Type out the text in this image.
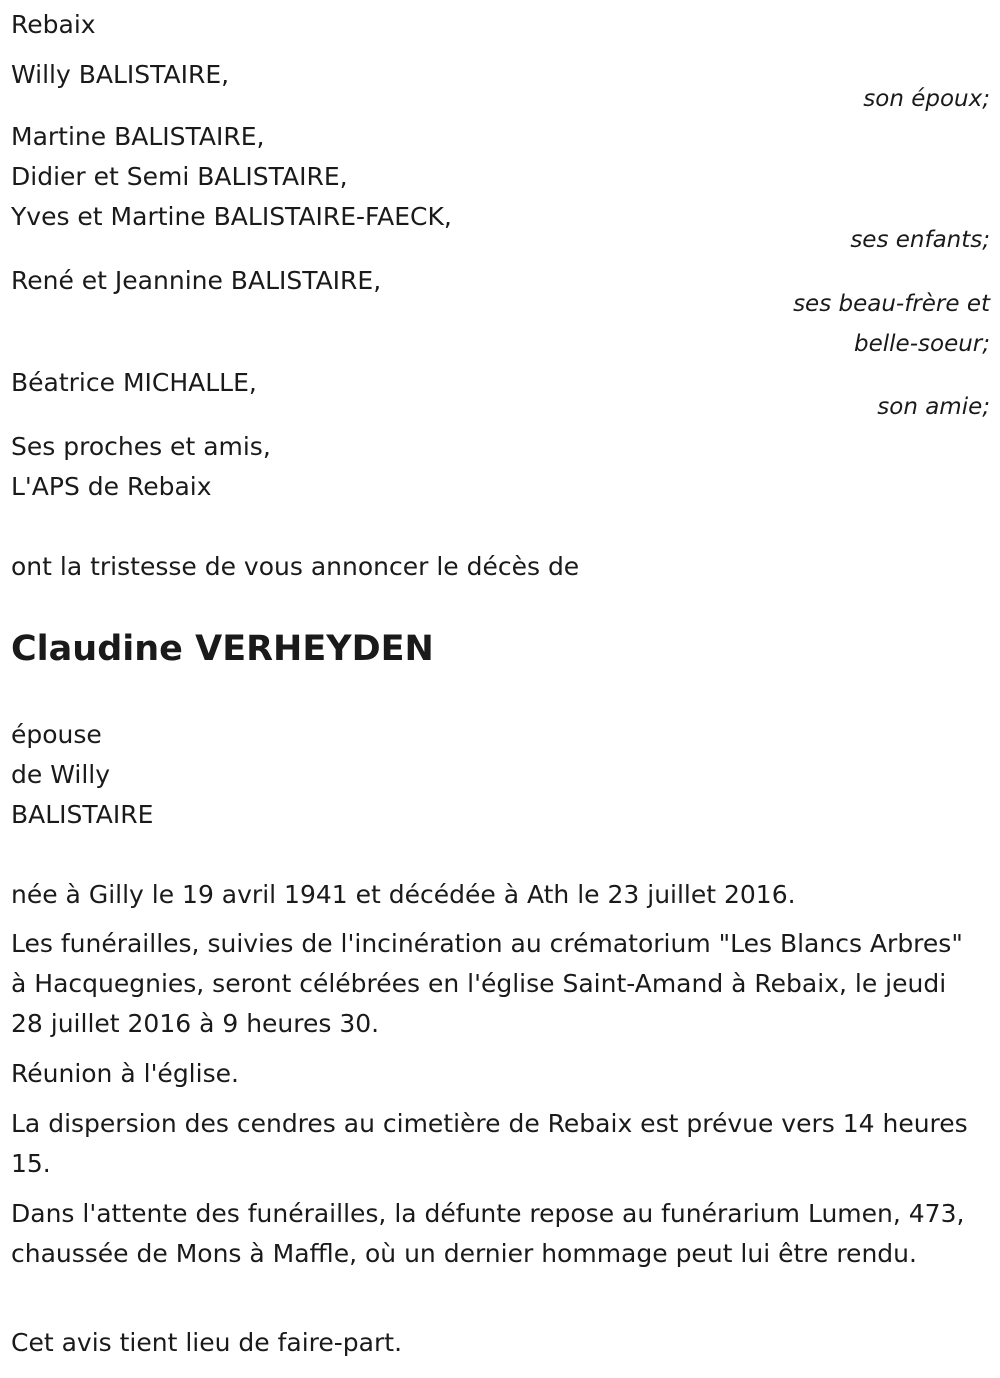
Rebaix
Willy BALISTAIRE,
son époux;
Martine BALISTAIRE,
Didier et Semi BALISTAIRE,
Yves et Martine BALISTAIRE-FAECK,
ses enfants;
René et Jeannine BALISTAIRE,
ses beau-frère et
belle-soeur;
Béatrice MICHALLE,
son amie;
Ses proches et amis,
L'APS de Rebaix
ont la tristesse de vous annoncer le décès de
Claudine VERHEYDEN
épouse
de Willy
BALISTAIRE
née à Gilly le 19 avril 1941 et décédée à Ath le 23 juillet 2016.
Les funérailles, suivies de l'incinération au crématorium "Les Blancs Arbres" à Hacquegnies, seront célébrées en l'église Saint-Amand à Rebaix, le jeudi 28 juillet 2016 à 9 heures 30.
Réunion à l'église.
La dispersion des cendres au cimetière de Rebaix est prévue vers 14 heures 15.
Dans l'attente des funérailles, la défunte repose au funérarium Lumen, 473, chaussée de Mons à Maffle, où un dernier hommage peut lui être rendu.
Cet avis tient lieu de faire-part.
